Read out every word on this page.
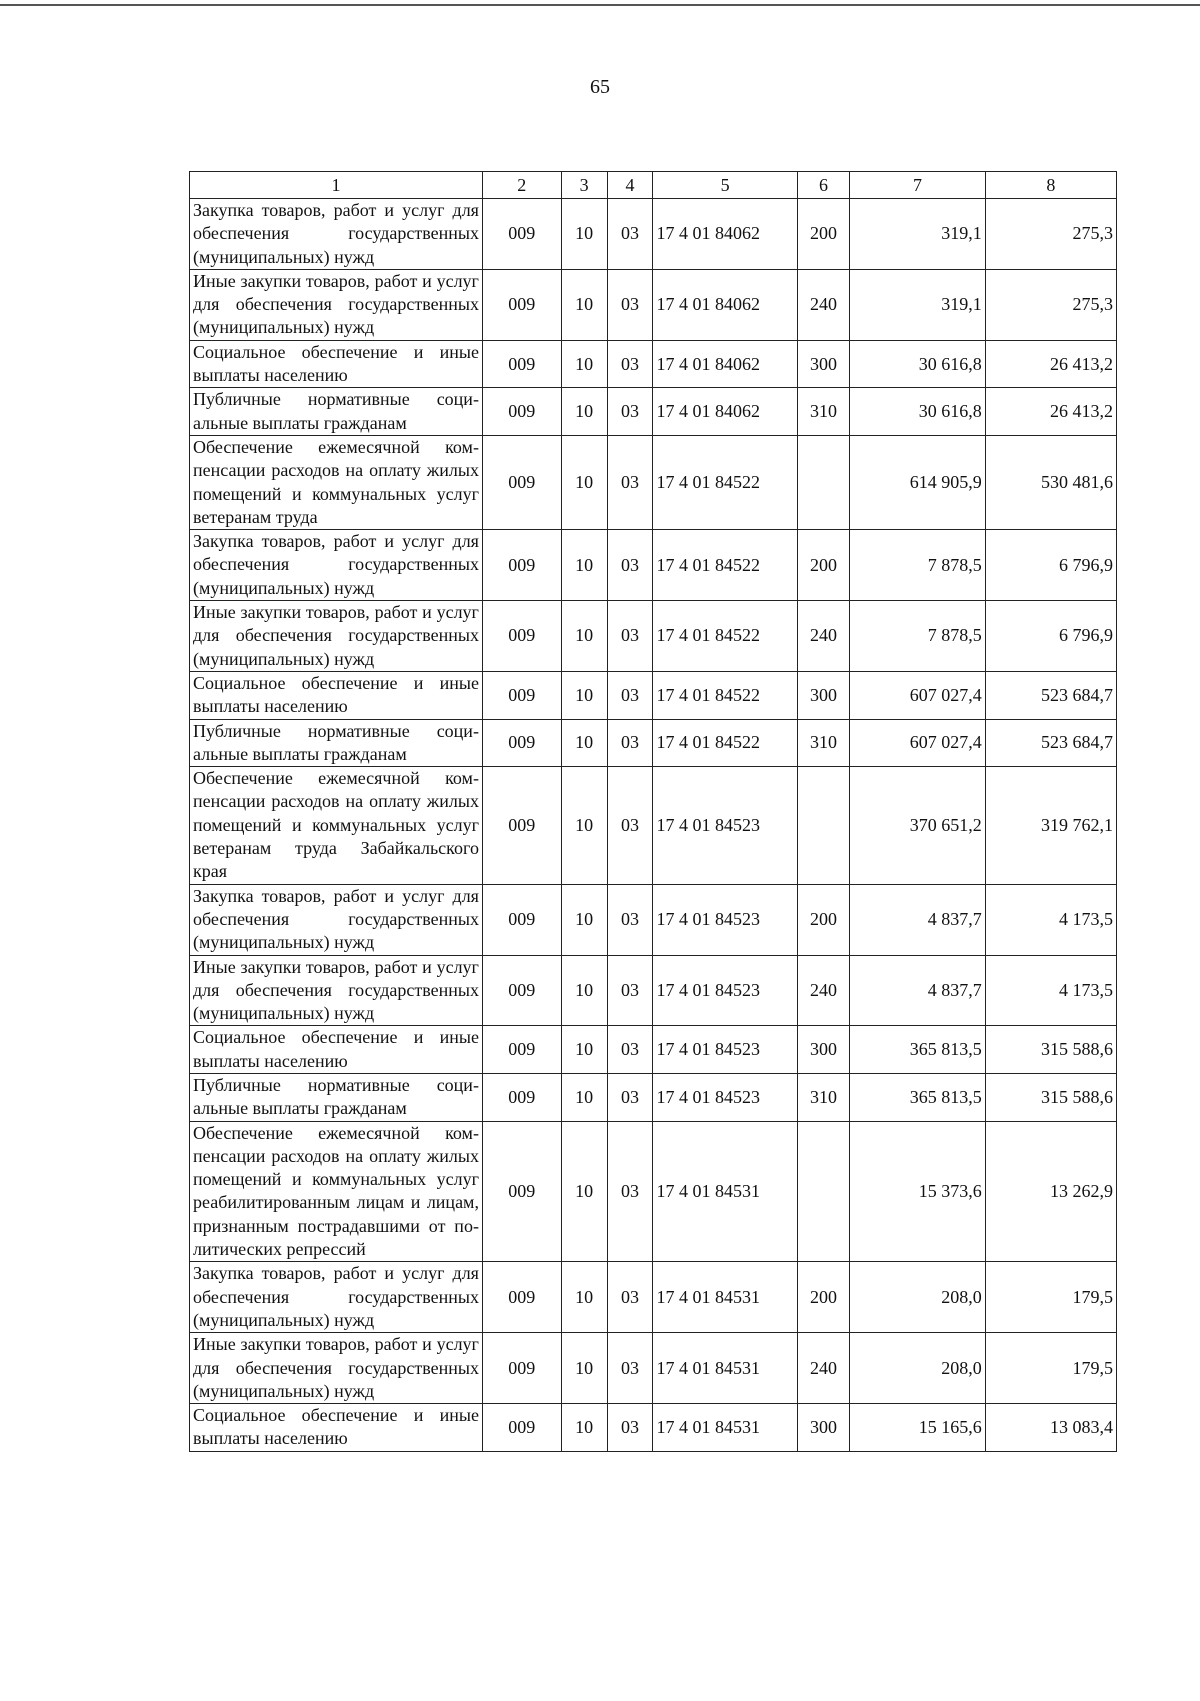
65
1	2	3	4	5	6	7	8
Закупка товаров, работ и услуг для обеспечения государственных (муниципальных) нужд	009	10	03	17 4 01 84062	200	319,1	275,3
Иные закупки товаров, работ и услуг для обеспечения государственных (муниципальных) нужд	009	10	03	17 4 01 84062	240	319,1	275,3
Социальное обеспечение и иные выплаты населению	009	10	03	17 4 01 84062	300	30 616,8	26 413,2
Публичные нормативные социальные выплаты гражданам	009	10	03	17 4 01 84062	310	30 616,8	26 413,2
Обеспечение ежемесячной компенсации расходов на оплату жилых помещений и коммунальных услуг ветеранам труда	009	10	03	17 4 01 84522		614 905,9	530 481,6
Закупка товаров, работ и услуг для обеспечения государственных (муниципальных) нужд	009	10	03	17 4 01 84522	200	7 878,5	6 796,9
Иные закупки товаров, работ и услуг для обеспечения государственных (муниципальных) нужд	009	10	03	17 4 01 84522	240	7 878,5	6 796,9
Социальное обеспечение и иные выплаты населению	009	10	03	17 4 01 84522	300	607 027,4	523 684,7
Публичные нормативные социальные выплаты гражданам	009	10	03	17 4 01 84522	310	607 027,4	523 684,7
Обеспечение ежемесячной компенсации расходов на оплату жилых помещений и коммунальных услуг ветеранам труда Забайкальского края	009	10	03	17 4 01 84523		370 651,2	319 762,1
Закупка товаров, работ и услуг для обеспечения государственных (муниципальных) нужд	009	10	03	17 4 01 84523	200	4 837,7	4 173,5
Иные закупки товаров, работ и услуг для обеспечения государственных (муниципальных) нужд	009	10	03	17 4 01 84523	240	4 837,7	4 173,5
Социальное обеспечение и иные выплаты населению	009	10	03	17 4 01 84523	300	365 813,5	315 588,6
Публичные нормативные социальные выплаты гражданам	009	10	03	17 4 01 84523	310	365 813,5	315 588,6
Обеспечение ежемесячной компенсации расходов на оплату жилых помещений и коммунальных услуг реабилитированным лицам и лицам, признанным пострадавшими от политических репрессий	009	10	03	17 4 01 84531		15 373,6	13 262,9
Закупка товаров, работ и услуг для обеспечения государственных (муниципальных) нужд	009	10	03	17 4 01 84531	200	208,0	179,5
Иные закупки товаров, работ и услуг для обеспечения государственных (муниципальных) нужд	009	10	03	17 4 01 84531	240	208,0	179,5
Социальное обеспечение и иные выплаты населению	009	10	03	17 4 01 84531	300	15 165,6	13 083,4
